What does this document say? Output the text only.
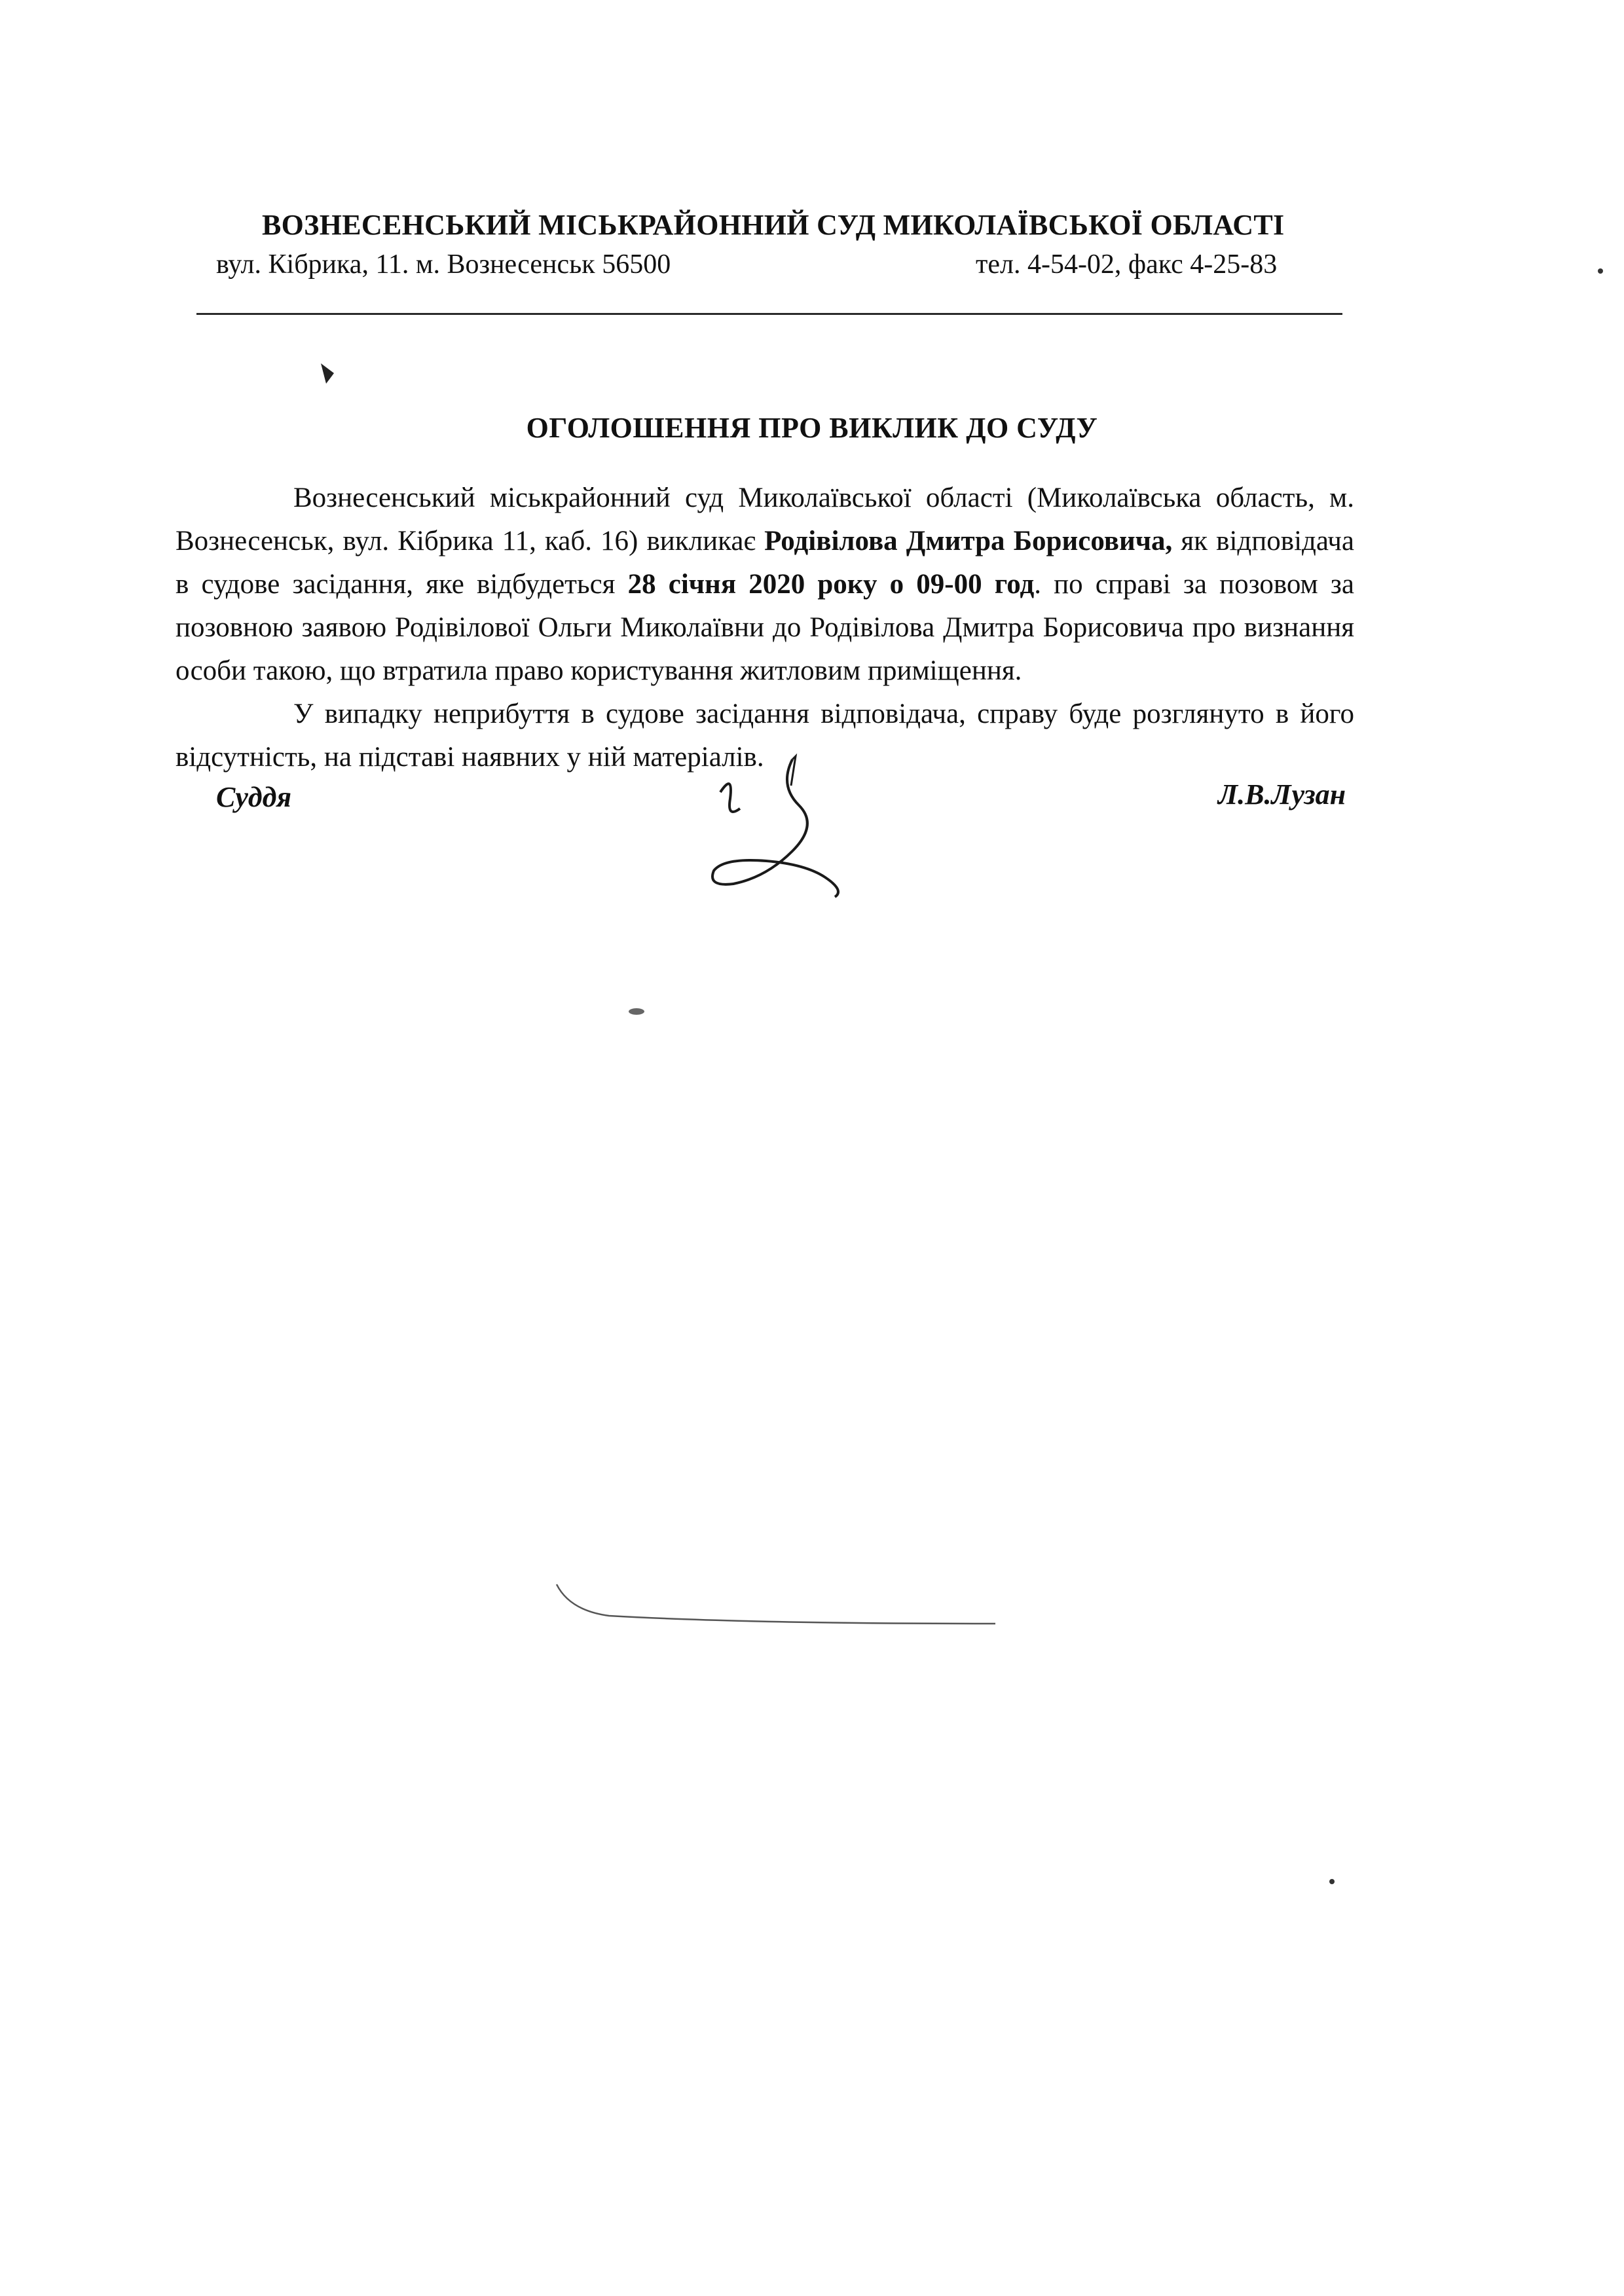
ВОЗНЕСЕНСЬКИЙ МІСЬКРАЙОННИЙ СУД МИКОЛАЇВСЬКОЇ ОБЛАСТІ
вул. Кібрика, 11. м. Вознесенськ 56500	тел. 4-54-02, факс 4-25-83
ОГОЛОШЕННЯ ПРО ВИКЛИК ДО СУДУ

Вознесенський міськрайонний суд Миколаївської області (Миколаївська область, м. Вознесенськ, вул. Кібрика 11, каб. 16) викликає Родівілова Дмитра Борисовича, як відповідача в судове засідання, яке відбудеться 28 січня 2020 року о 09-00 год. по справі за позовом за позовною заявою Родівілової Ольги Миколаївни до Родівілова Дмитра Борисовича про визнання особи такою, що втратила право користування житловим приміщення.

У випадку неприбуття в судове засідання відповідача, справу буде розглянуто в його відсутність, на підставі наявних у ній матеріалів.

Суддя	Л.В.Лузан
